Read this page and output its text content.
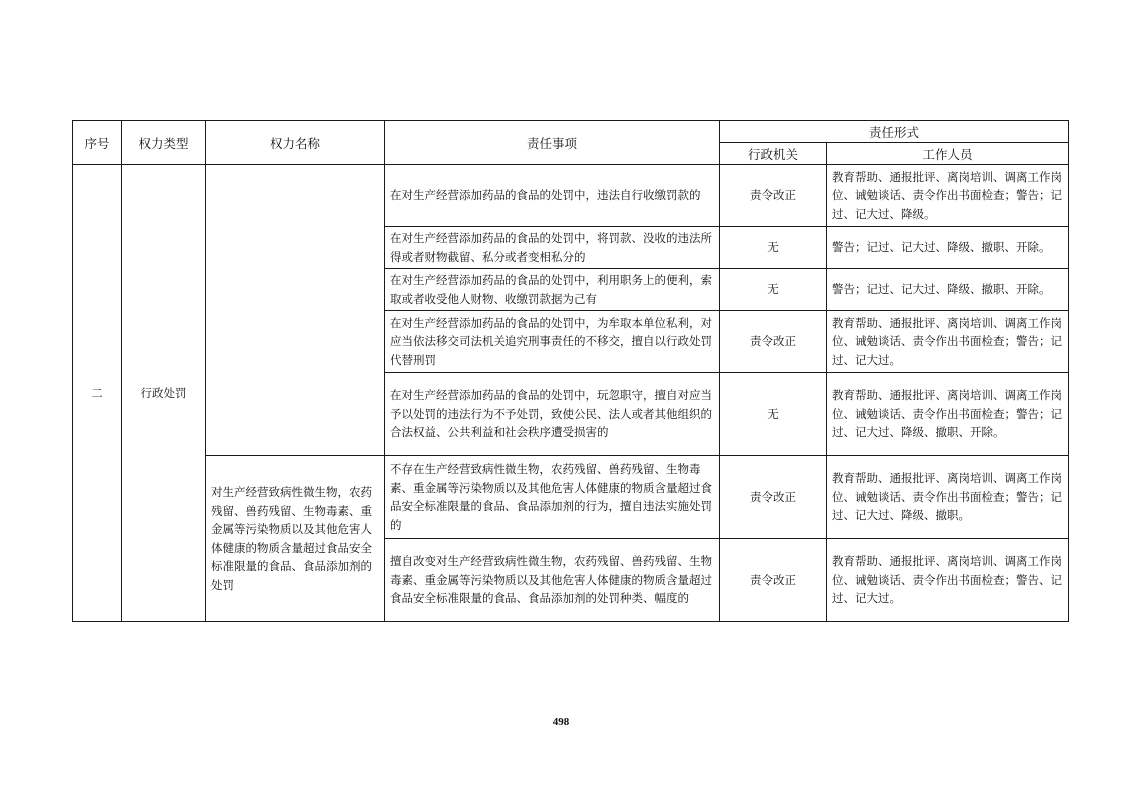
序号	权力类型	权力名称	责任事项	责任形式	
				行政机关	工作人员
二	行政处罚		在对生产经营添加药品的食品的处罚中，违法自行收缴罚款的	责令改正	教育帮助、通报批评、离岗培训、调离工作岗位、诫勉谈话、责令作出书面检查；警告；记过、记大过、降级。
			在对生产经营添加药品的食品的处罚中，将罚款、没收的违法所得或者财物截留、私分或者变相私分的	无	警告；记过、记大过、降级、撤职、开除。
			在对生产经营添加药品的食品的处罚中，利用职务上的便利，索取或者收受他人财物、收缴罚款据为己有	无	警告；记过、记大过、降级、撤职、开除。
			在对生产经营添加药品的食品的处罚中，为牟取本单位私利，对应当依法移交司法机关追究刑事责任的不移交，擅自以行政处罚代替刑罚	责令改正	教育帮助、通报批评、离岗培训、调离工作岗位、诫勉谈话、责令作出书面检查；警告；记过、记大过。
			在对生产经营添加药品的食品的处罚中，玩忽职守，擅自对应当予以处罚的违法行为不予处罚，致使公民、法人或者其他组织的合法权益、公共利益和社会秩序遭受损害的	无	教育帮助、通报批评、离岗培训、调离工作岗位、诫勉谈话、责令作出书面检查；警告；记过、记大过、降级、撤职、开除。
		对生产经营致病性微生物，农药残留、兽药残留、生物毒素、重金属等污染物质以及其他危害人体健康的物质含量超过食品安全标准限量的食品、食品添加剂的处罚	不存在生产经营致病性微生物，农药残留、兽药残留、生物毒素、重金属等污染物质以及其他危害人体健康的物质含量超过食品安全标准限量的食品、食品添加剂的行为，擅自违法实施处罚的	责令改正	教育帮助、通报批评、离岗培训、调离工作岗位、诫勉谈话、责令作出书面检查；警告；记过、记大过、降级、撤职。
			擅自改变对生产经营致病性微生物，农药残留、兽药残留、生物毒素、重金属等污染物质以及其他危害人体健康的物质含量超过食品安全标准限量的食品、食品添加剂的处罚种类、幅度的	责令改正	教育帮助、通报批评、离岗培训、调离工作岗位、诫勉谈话、责令作出书面检查；警告、记过、记大过。
498
